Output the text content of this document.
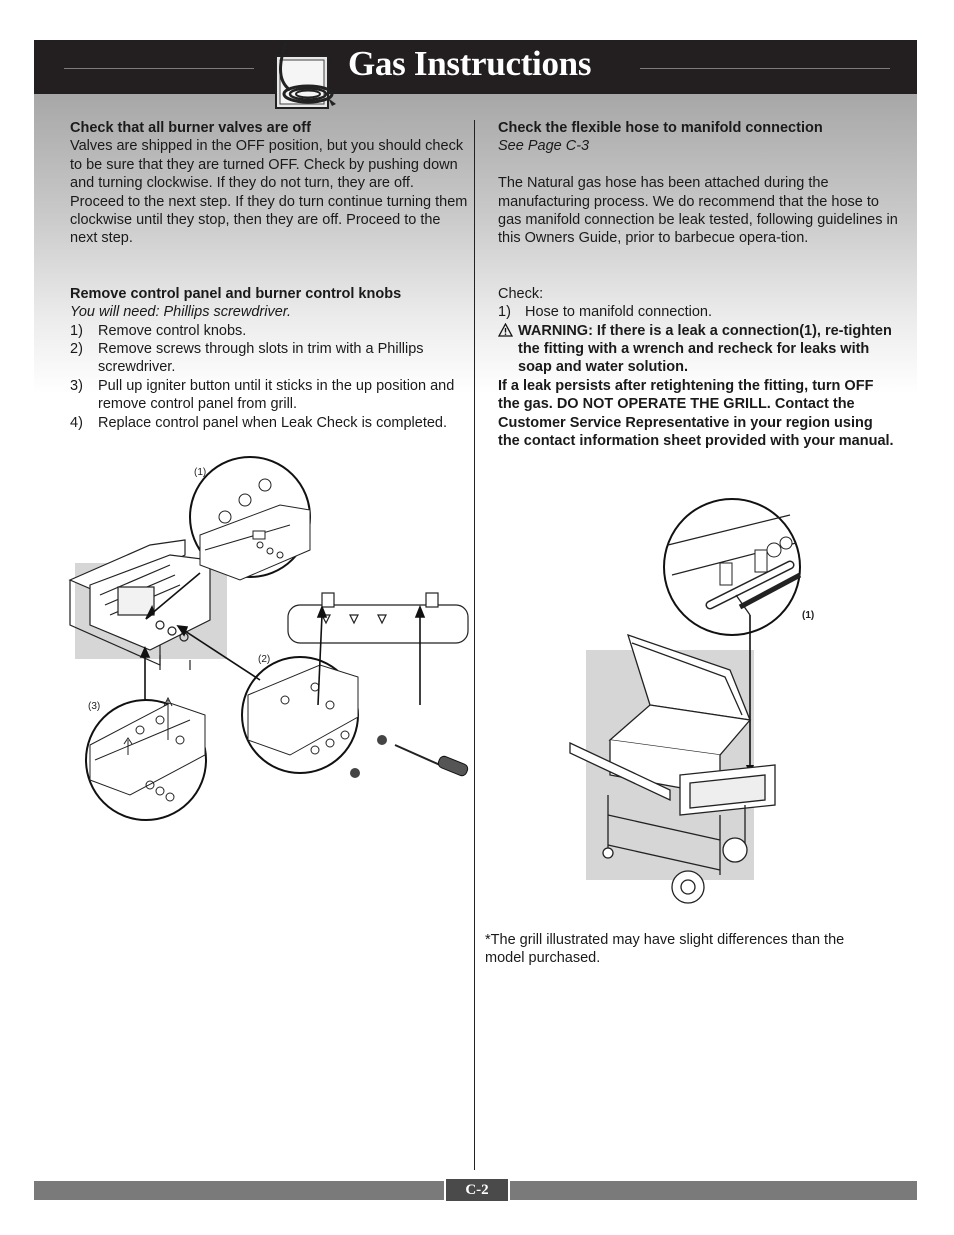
Gas Instructions
Check that all burner valves are off

Valves are shipped in the OFF position, but you should check to be sure that they are turned OFF. Check by pushing down and turning clockwise. If they do not turn, they are off. Proceed to the next step. If they do turn continue turning them clockwise until they stop, then they are off. Proceed to the next step.

Remove control panel and burner control knobs
You will need: Phillips screwdriver.
1) Remove control knobs.
2) Remove screws through slots in trim with a Phillips screwdriver.
3) Pull up igniter button until it sticks in the up position and remove control panel from grill.
4) Replace control panel when Leak Check is completed.
(1)
(3)
(2)
Check the flexible hose to manifold connection
See Page C-3

The Natural gas hose has been attached during the manufacturing process. We do recommend that the hose to gas manifold connection be leak tested, following guidelines in this Owners Guide, prior to barbecue opera-tion.

Check:
1) Hose to manifold connection.
WARNING: If there is a leak a connection(1), re-tighten the fitting with a wrench and recheck for leaks with soap and water solution.
If a leak persists after retightening the fitting, turn OFF the gas. DO NOT OPERATE THE GRILL. Contact the Customer Service Representative in your region using the contact information sheet provided with your manual.
(1)
*The grill illustrated may have slight differences than the model purchased.
C-2
